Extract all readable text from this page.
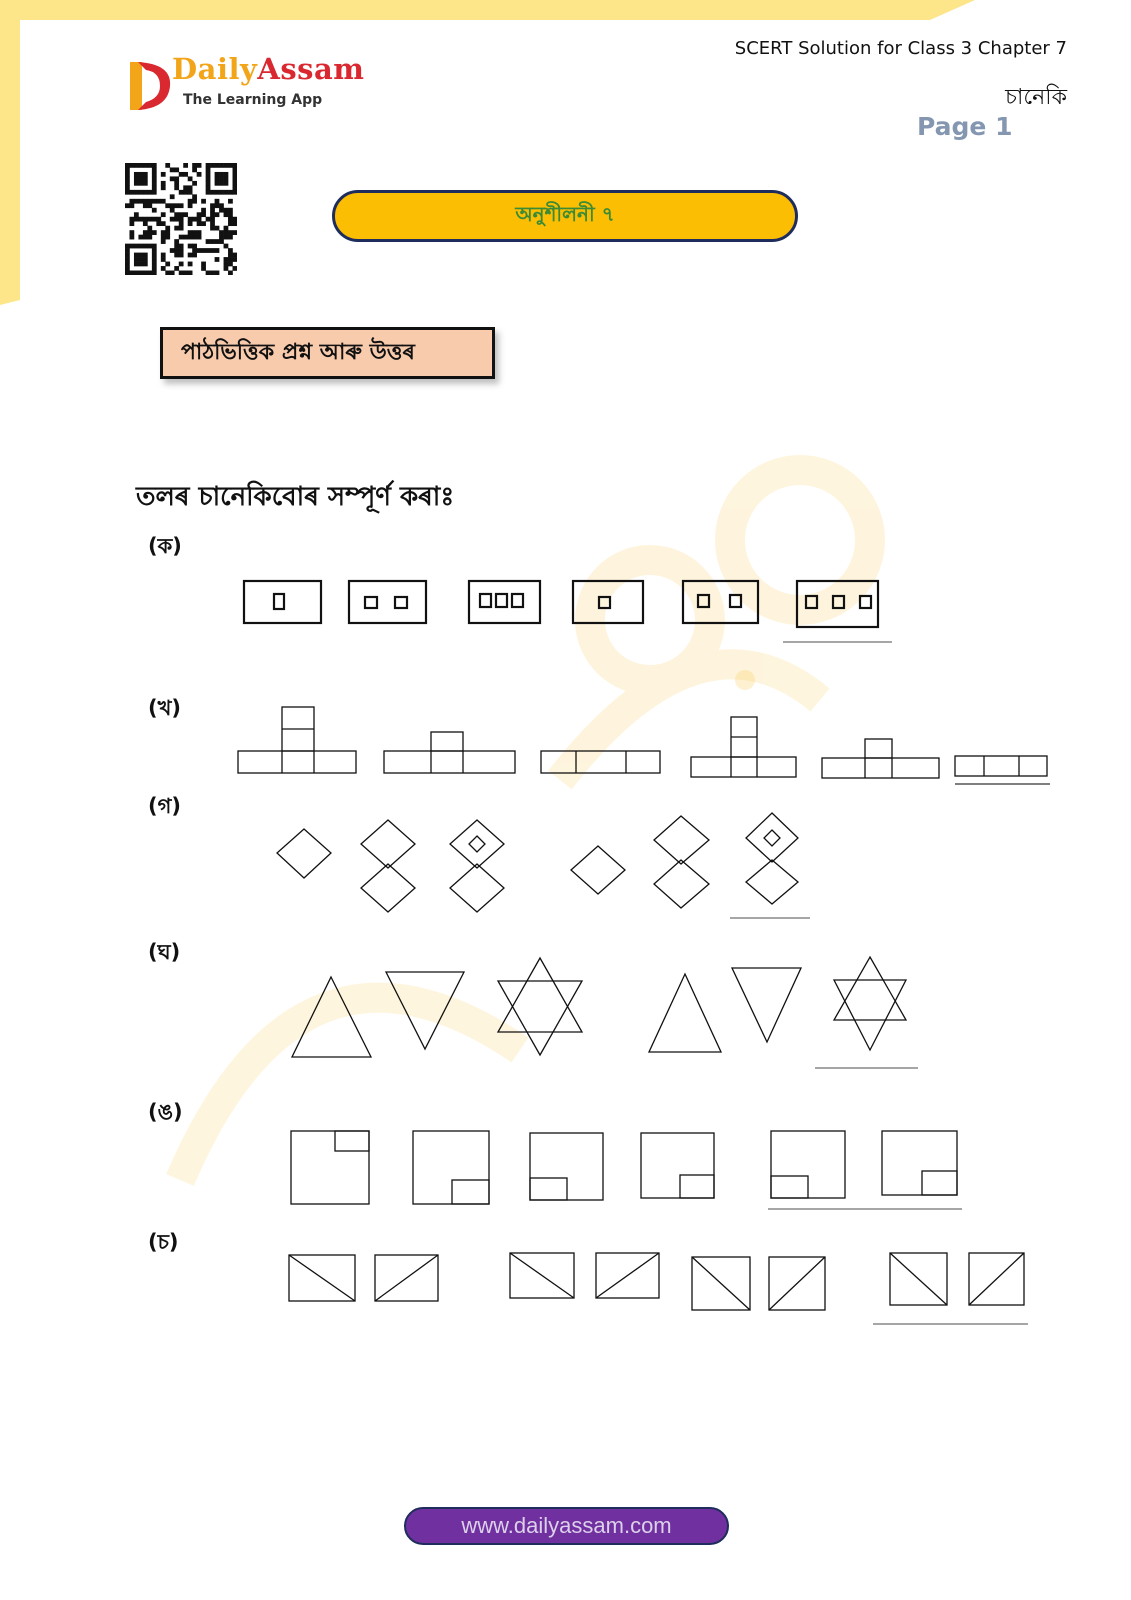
DailyAssam
The Learning App
SCERT Solution for Class 3 Chapter 7
চানেকি
Page 1
অনুশীলনী ৭
পাঠভিত্তিক প্ৰশ্ন আৰু উত্তৰ
তলৰ চানেকিবোৰ সম্পূৰ্ণ কৰাঃ
(ক)
(খ)
(গ)
(ঘ)
(ঙ)
(চ)
www.dailyassam.com
